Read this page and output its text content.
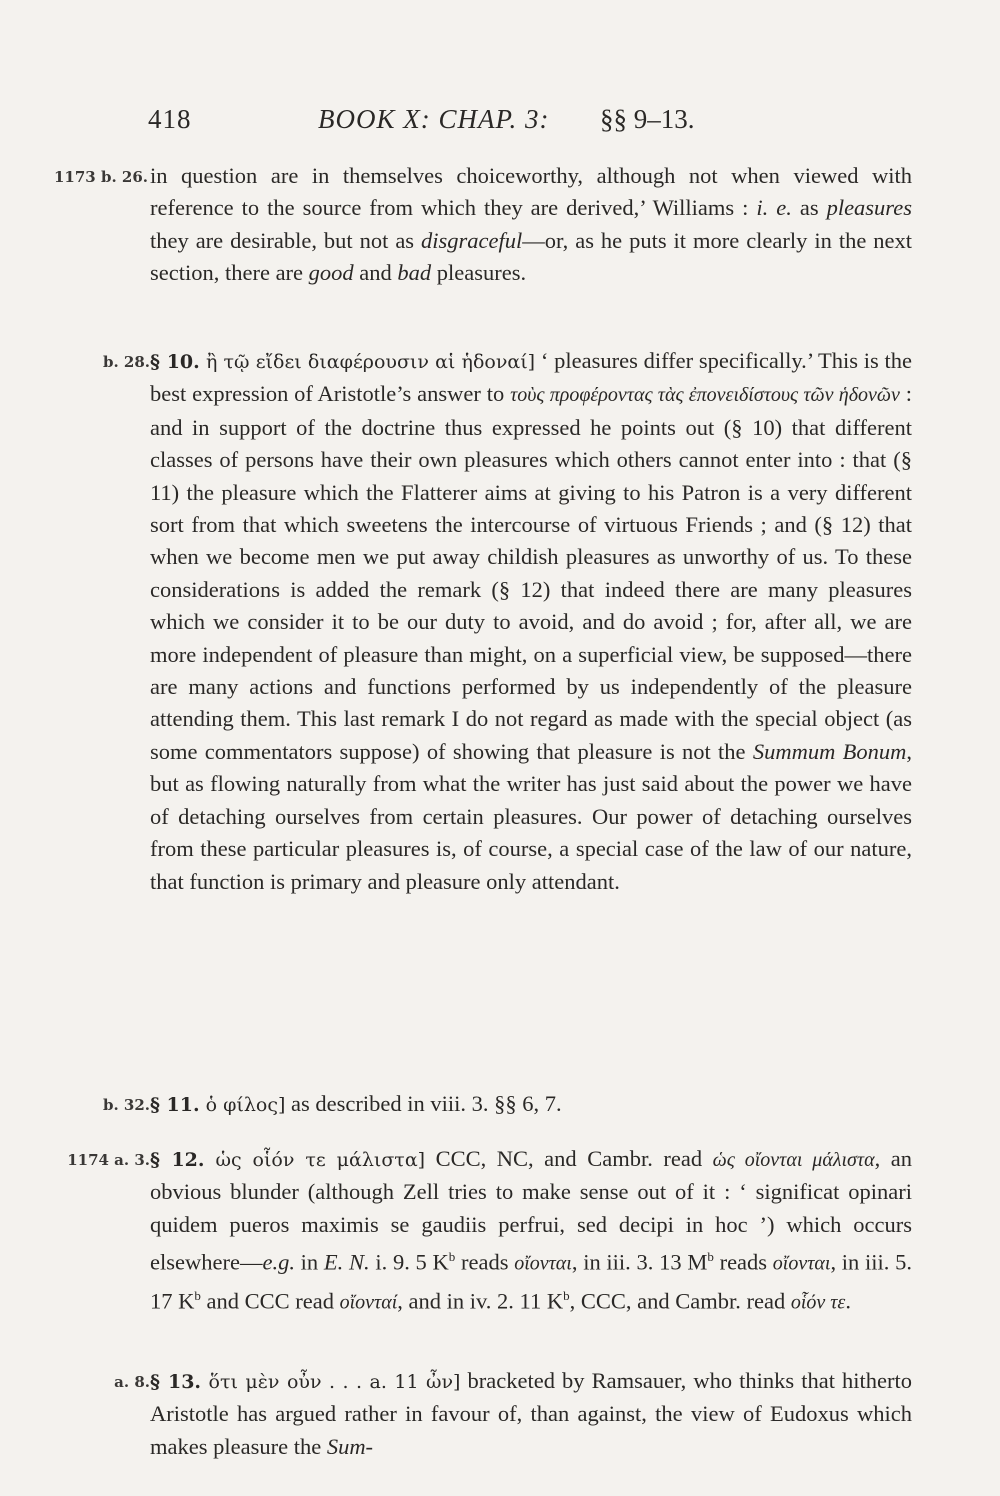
418	BOOK X: CHAP. 3: §§ 9–13.
1173 b. 26. in question are in themselves choiceworthy, although not when viewed with reference to the source from which they are derived,’ Williams : i. e. as pleasures they are desirable, but not as disgraceful—or, as he puts it more clearly in the next section, there are good and bad pleasures.
b. 28. § 10. ἢ τῷ εἴδει διαφέρουσιν αἱ ἡδοναί] ‘ pleasures differ specifically.’ This is the best expression of Aristotle’s answer to τοὺς προφέροντας τὰς ἐπονειδίστους τῶν ἡδονῶν : and in support of the doctrine thus expressed he points out (§ 10) that different classes of persons have their own pleasures which others cannot enter into : that (§ 11) the pleasure which the Flatterer aims at giving to his Patron is a very different sort from that which sweetens the intercourse of virtuous Friends ; and (§ 12) that when we become men we put away childish pleasures as unworthy of us. To these considerations is added the remark (§ 12) that indeed there are many pleasures which we consider it to be our duty to avoid, and do avoid ; for, after all, we are more independent of pleasure than might, on a superficial view, be supposed—there are many actions and functions performed by us independently of the pleasure attending them. This last remark I do not regard as made with the special object (as some commentators suppose) of showing that pleasure is not the Summum Bonum, but as flowing naturally from what the writer has just said about the power we have of detaching ourselves from certain pleasures. Our power of detaching ourselves from these particular pleasures is, of course, a special case of the law of our nature, that function is primary and pleasure only attendant.
b. 32. § 11. ὁ φίλος] as described in viii. 3. §§ 6, 7.
1174 a. 3. § 12. ὡς οἷόν τε μάλιστα] CCC, NC, and Cambr. read ὡς οἴονται μάλιστα, an obvious blunder (although Zell tries to make sense out of it : ‘ significat opinari quidem pueros maximis se gaudiis perfrui, sed decipi in hoc ’) which occurs elsewhere—e.g. in E. N. i. 9. 5 $K^b$ reads οἴονται, in iii. 3. 13 $M^b$ reads οἴονται, in iii. 5. 17 $K^b$ and CCC read οἴονταί, and in iv. 2. 11 $K^b$, CCC, and Cambr. read οἷόν τε.
a. 8. § 13. ὅτι μὲν οὖν . . . a. 11 ὦν] bracketed by Ramsauer, who thinks that hitherto Aristotle has argued rather in favour of, than against, the view of Eudoxus which makes pleasure the Sum-
